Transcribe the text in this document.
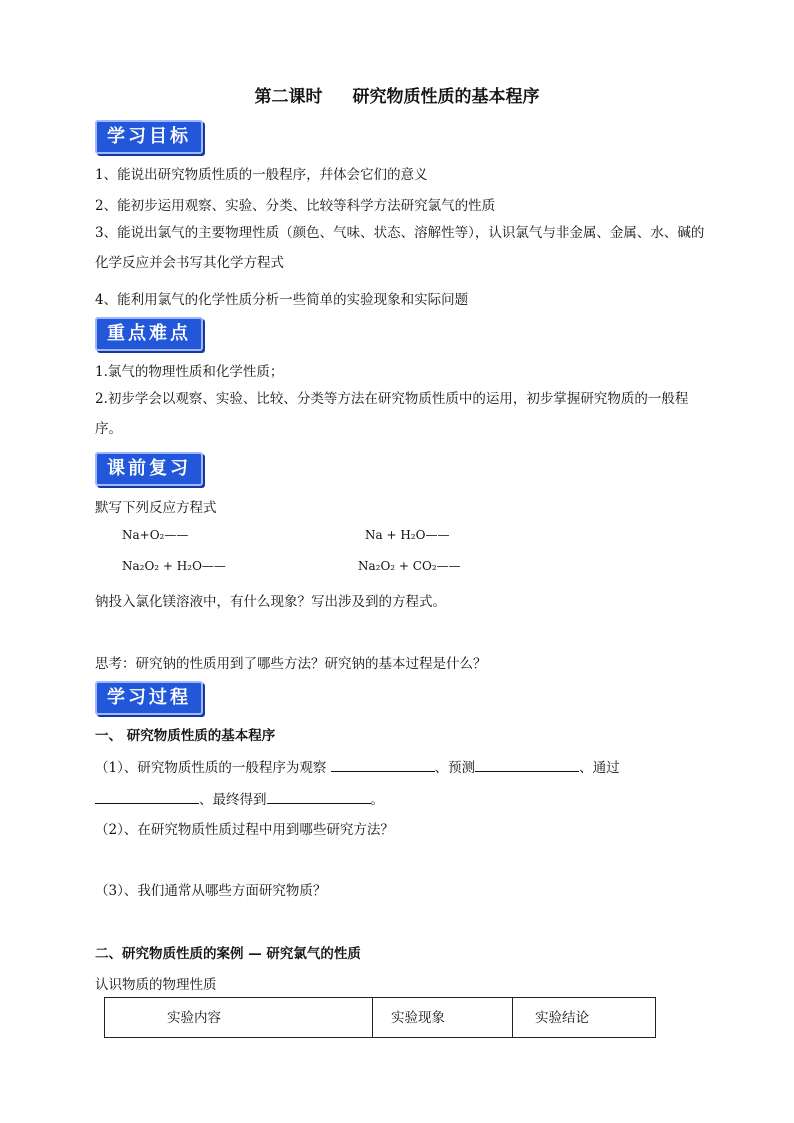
第二课时 研究物质性质的基本程序
学习目标
1、能说出研究物质性质的一般程序，幷体会它们的意义
2、能初步运用观察、实验、分类、比较等科学方法研究氯气的性质
3、能说出氯气的主要物理性质（颜色、气味、状态、溶解性等），认识氯气与非金属、金属、水、碱的化学反应并会书写其化学方程式
4、能利用氯气的化学性质分析一些简单的实验现象和实际问题
重点难点
1.氯气的物理性质和化学性质；
2.初步学会以观察、实验、比较、分类等方法在研究物质性质中的运用，初步掌握研究物质的一般程序。
课前复习
默写下列反应方程式
Na+O₂——	Na + H₂O——
Na₂O₂ + H₂O——	Na₂O₂ + CO₂——
钠投入氯化镁溶液中，有什么现象？写出涉及到的方程式。
思考：研究钠的性质用到了哪些方法？研究钠的基本过程是什么？
学习过程
一、 研究物质性质的基本程序
（1）、研究物质性质的一般程序为观察	、预测	、通过
、最终得到	。
（2）、在研究物质性质过程中用到哪些研究方法？
（3）、我们通常从哪些方面研究物质？
二、研究物质性质的案例 — 研究氯气的性质
认识物质的物理性质
实验内容	实验现象	实验结论
